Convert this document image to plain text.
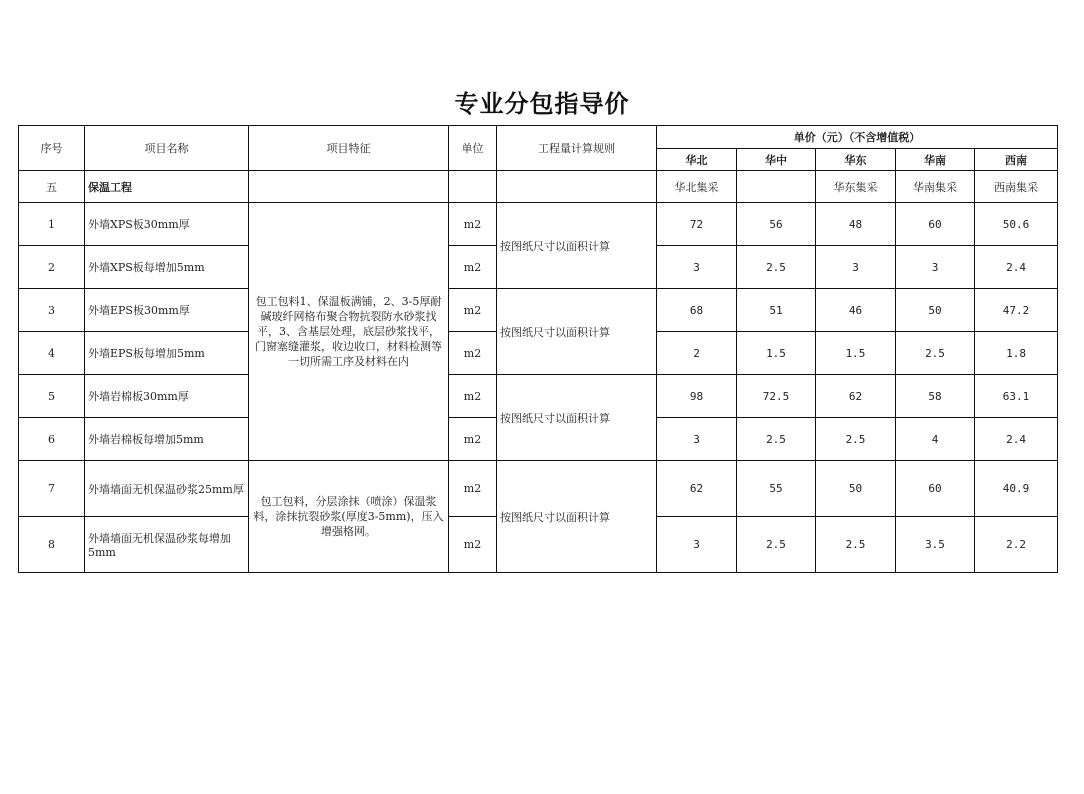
专业分包指导价
序号	项目名称	项目特征	单位	工程量计算规则	单价（元）（不含增值税）				
					华北	华中	华东	华南	西南
五	保温工程				华北集采		华东集采	华南集采	西南集采
1	外墙XPS板30mm厚	包工包料1、保温板满铺，2、3-5厚耐碱玻纤网格布聚合物抗裂防水砂浆找平，3、含基层处理，底层砂浆找平，门窗塞缝灌浆，收边收口，材料检测等一切所需工序及材料在内	m2	按图纸尺寸以面积计算	72	56	48	60	50.6
2	外墙XPS板每增加5mm		m2		3	2.5	3	3	2.4
3	外墙EPS板30mm厚		m2	按图纸尺寸以面积计算	68	51	46	50	47.2
4	外墙EPS板每增加5mm		m2		2	1.5	1.5	2.5	1.8
5	外墙岩棉板30mm厚		m2	按图纸尺寸以面积计算	98	72.5	62	58	63.1
6	外墙岩棉板每增加5mm		m2		3	2.5	2.5	4	2.4
7	外墙墙面无机保温砂浆25mm厚	包工包料，分层涂抹（喷涂）保温浆料，涂抹抗裂砂浆(厚度3-5mm)，压入增强格网。	m2	按图纸尺寸以面积计算	62	55	50	60	40.9
8	外墙墙面无机保温砂浆每增加5mm		m2		3	2.5	2.5	3.5	2.2
